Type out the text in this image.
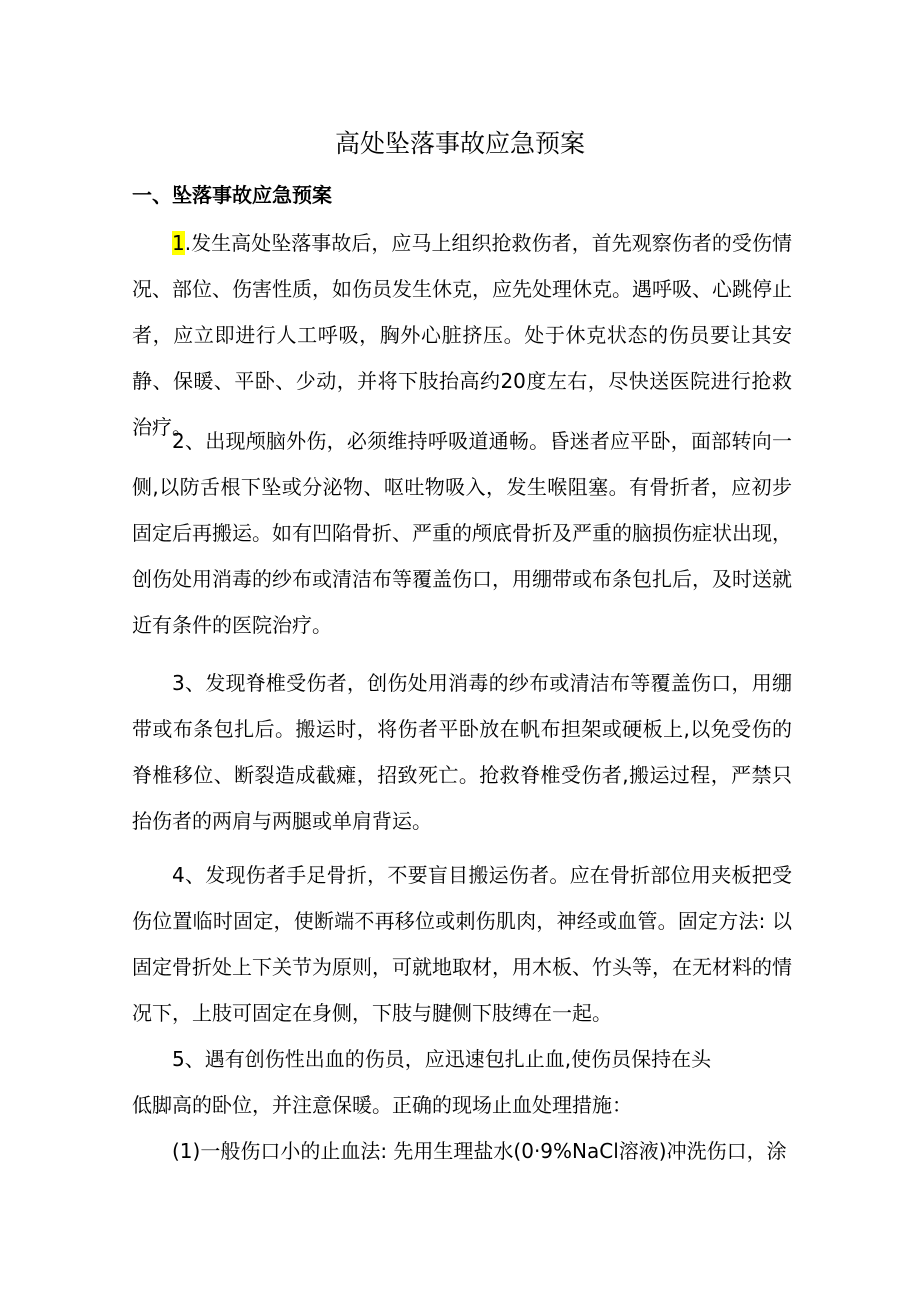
高处坠落事故应急预案
一、坠落事故应急预案

1.发生高处坠落事故后，应马上组织抢救伤者，首先观察伤者的受伤情况、部位、伤害性质，如伤员发生休克，应先处理休克。遇呼吸、心跳停止者，应立即进行人工呼吸，胸外心脏挤压。处于休克状态的伤员要让其安静、保暖、平卧、少动，并将下肢抬高约20度左右，尽快送医院进行抢救治疗。

2、出现颅脑外伤，必须维持呼吸道通畅。昏迷者应平卧，面部转向一侧,以防舌根下坠或分泌物、呕吐物吸入，发生喉阻塞。有骨折者，应初步固定后再搬运。如有凹陷骨折、严重的颅底骨折及严重的脑损伤症状出现，创伤处用消毒的纱布或清洁布等覆盖伤口，用绷带或布条包扎后，及时送就近有条件的医院治疗。

3、发现脊椎受伤者，创伤处用消毒的纱布或清洁布等覆盖伤口，用绷带或布条包扎后。搬运时，将伤者平卧放在帆布担架或硬板上,以免受伤的脊椎移位、断裂造成截瘫，招致死亡。抢救脊椎受伤者,搬运过程，严禁只抬伤者的两肩与两腿或单肩背运。

4、发现伤者手足骨折，不要盲目搬运伤者。应在骨折部位用夹板把受伤位置临时固定，使断端不再移位或刺伤肌肉，神经或血管。固定方法: 以固定骨折处上下关节为原则，可就地取材，用木板、竹头等，在无材料的情况下，上肢可固定在身侧，下肢与腱侧下肢缚在一起。

5、遇有创伤性出血的伤员，应迅速包扎止血,使伤员保持在头

低脚高的卧位，并注意保暖。正确的现场止血处理措施：

(1)一般伤口小的止血法: 先用生理盐水(0·9%NaCl溶液)冲洗伤口，涂
